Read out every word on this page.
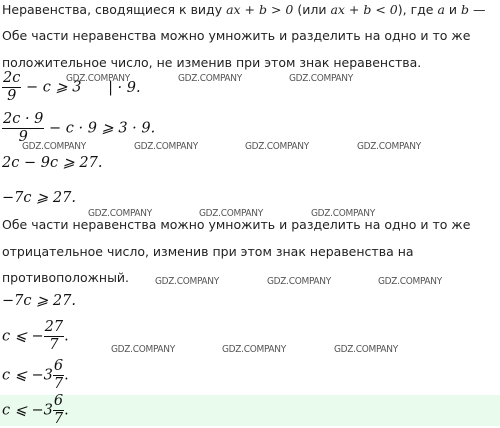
Неравенства, сводящиеся к виду ax + b > 0 (или ax + b < 0), где a и b —
Обе части неравенства можно умножить и разделить на одно и то же
положительное число, не изменив при этом знак неравенства.
$\frac{2c}{9} - c$ ⩾ 3 | · 9.
$\frac{2c \cdot 9}{9} - c \cdot 9$ ⩾ 3 · 9.
2c − 9c ⩾ 27.
−7c ⩾ 27.
Обе части неравенства можно умножить и разделить на одно и то же
отрицательное число, изменив при этом знак неравенства на
противоположный.
−7c ⩾ 27.
c ⩽ − $\frac{27}{7}$ .
c ⩽ $-3 \frac{6}{7}$ .
c ⩽ $-3 \frac{6}{7}$ .
GDZ.COMPANY	GDZ.COMPANY	GDZ.COMPANY
GDZ.COMPANY	GDZ.COMPANY	GDZ.COMPANY	GDZ.COMPANY
GDZ.COMPANY	GDZ.COMPANY	GDZ.COMPANY
GDZ.COMPANY	GDZ.COMPANY	GDZ.COMPANY
GDZ.COMPANY	GDZ.COMPANY	GDZ.COMPANY
